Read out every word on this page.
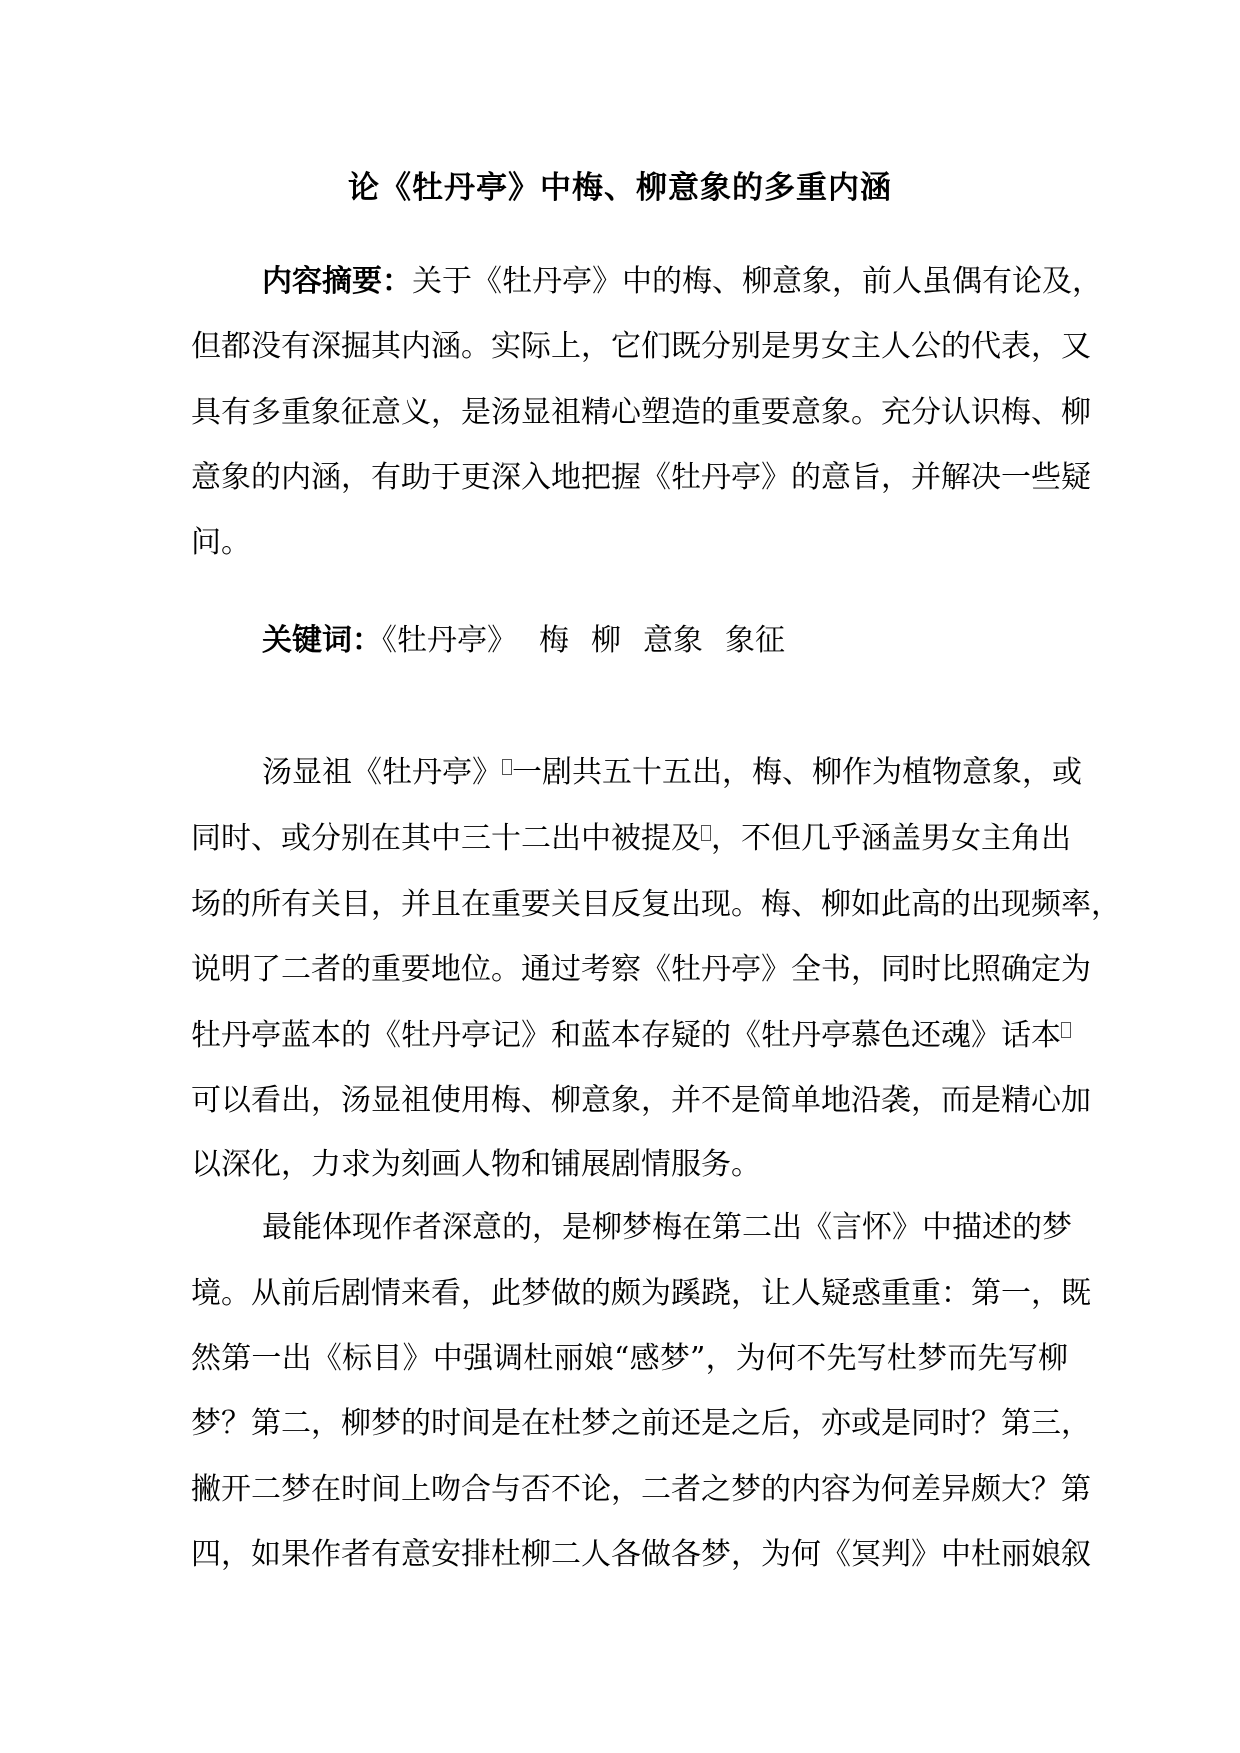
论《牡丹亭》中梅、柳意象的多重内涵
内容摘要：关于《牡丹亭》中的梅、柳意象，前人虽偶有论及，
但都没有深掘其内涵。实际上，它们既分别是男女主人公的代表，又
具有多重象征意义，是汤显祖精心塑造的重要意象。充分认识梅、柳
意象的内涵，有助于更深入地把握《牡丹亭》的意旨，并解决一些疑
问。
关键词：《牡丹亭》 梅 柳 意象 象征
汤显祖《牡丹亭》 一剧共五十五出，梅、柳作为植物意象，或
同时、或分别在其中三十二出中被提及 ，不但几乎涵盖男女主角出
场的所有关目，并且在重要关目反复出现。梅、柳如此高的出现频率，
说明了二者的重要地位。通过考察《牡丹亭》全书，同时比照确定为
牡丹亭蓝本的《牡丹亭记》和蓝本存疑的《牡丹亭慕色还魂》话本
可以看出，汤显祖使用梅、柳意象，并不是简单地沿袭，而是精心加
以深化，力求为刻画人物和铺展剧情服务。
最能体现作者深意的，是柳梦梅在第二出《言怀》中描述的梦
境。从前后剧情来看，此梦做的颇为蹊跷，让人疑惑重重：第一，既
然第一出《标目》中强调杜丽娘“感梦”，为何不先写杜梦而先写柳
梦？第二，柳梦的时间是在杜梦之前还是之后，亦或是同时？第三，
撇开二梦在时间上吻合与否不论，二者之梦的内容为何差异颇大？第
四，如果作者有意安排杜柳二人各做各梦，为何《冥判》中杜丽娘叙
